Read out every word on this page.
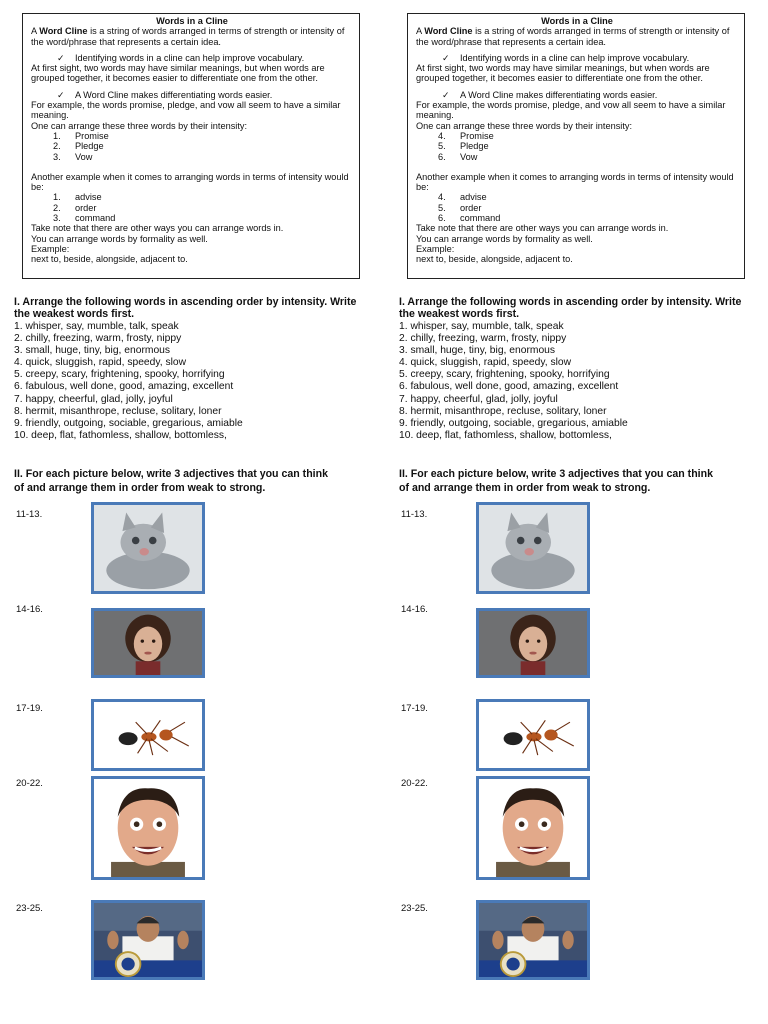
Words in a Cline

A Word Cline is a string of words arranged in terms of strength or intensity of the word/phrase that represents a certain idea.

✓ Identifying words in a cline can help improve vocabulary.

At first sight, two words may have similar meanings, but when words are grouped together, it becomes easier to differentiate one from the other.

✓ A Word Cline makes differentiating words easier.

For example, the words promise, pledge, and vow all seem to have a similar meaning.

One can arrange these three words by their intensity:

1. Promise
2. Pledge
3. Vow

Another example when it comes to arranging words in terms of intensity would be:

1. advise
2. order
3. command

Take note that there are other ways you can arrange words in.

You can arrange words by formality as well.

Example:

next to, beside, alongside, adjacent to.

I. Arrange the following words in ascending order by intensity. Write the weakest words first.

1. whisper, say, mumble, talk, speak
2. chilly, freezing, warm, frosty, nippy
3. small, huge, tiny, big, enormous
4. quick, sluggish, rapid, speedy, slow
5. creepy, scary, frightening, spooky, horrifying
6. fabulous, well done, good, amazing, excellent
7. happy, cheerful, glad, jolly, joyful
8. hermit, misanthrope, recluse, solitary, loner
9. friendly, outgoing, sociable, gregarious, amiable
10. deep, flat, fathomless, shallow, bottomless,

II. For each picture below, write 3 adjectives that you can think of and arrange them in order from weak to strong.

11-13.
14-16.
17-19.
20-22.
23-25.

Words in a Cline

A Word Cline is a string of words arranged in terms of strength or intensity of the word/phrase that represents a certain idea.

✓ Identifying words in a cline can help improve vocabulary.

At first sight, two words may have similar meanings, but when words are grouped together, it becomes easier to differentiate one from the other.

✓ A Word Cline makes differentiating words easier.

For example, the words promise, pledge, and vow all seem to have a similar meaning.

One can arrange these three words by their intensity:

4. Promise
5. Pledge
6. Vow

Another example when it comes to arranging words in terms of intensity would be:

4. advise
5. order
6. command

Take note that there are other ways you can arrange words in.

You can arrange words by formality as well.

Example:

next to, beside, alongside, adjacent to.

I. Arrange the following words in ascending order by intensity. Write the weakest words first.

1. whisper, say, mumble, talk, speak
2. chilly, freezing, warm, frosty, nippy
3. small, huge, tiny, big, enormous
4. quick, sluggish, rapid, speedy, slow
5. creepy, scary, frightening, spooky, horrifying
6. fabulous, well done, good, amazing, excellent
7. happy, cheerful, glad, jolly, joyful
8. hermit, misanthrope, recluse, solitary, loner
9. friendly, outgoing, sociable, gregarious, amiable
10. deep, flat, fathomless, shallow, bottomless,

II. For each picture below, write 3 adjectives that you can think of and arrange them in order from weak to strong.

11-13.
14-16.
17-19.
20-22.
23-25.
